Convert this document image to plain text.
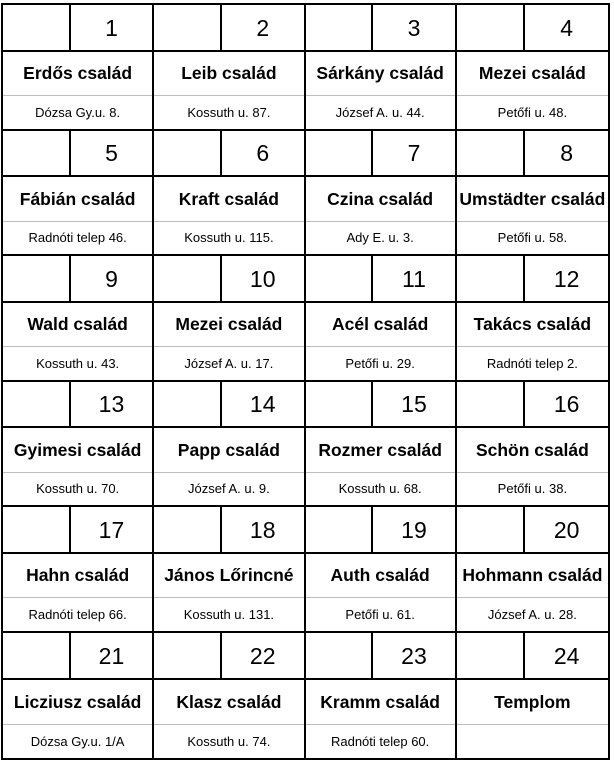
1
Erdős család
Dózsa Gy.u. 8.
2
Leib család
Kossuth u. 87.
3
Sárkány család
József A. u. 44.
4
Mezei család
Petőfi u. 48.
5
Fábián család
Radnóti telep 46.
6
Kraft család
Kossuth u. 115.
7
Czina család
Ady E. u. 3.
8
Umstädter család
Petőfi u. 58.
9
Wald család
Kossuth u. 43.
10
Mezei család
József A. u. 17.
11
Acél család
Petőfi u. 29.
12
Takács család
Radnóti telep 2.
13
Gyimesi család
Kossuth u. 70.
14
Papp család
József A. u. 9.
15
Rozmer család
Kossuth u. 68.
16
Schön család
Petőfi u. 38.
17
Hahn család
Radnóti telep 66.
18
János Lőrincné
Kossuth u. 131.
19
Auth család
Petőfi u. 61.
20
Hohmann család
József A. u. 28.
21
Licziusz család
Dózsa Gy.u. 1/A
22
Klasz család
Kossuth u. 74.
23
Kramm család
Radnóti telep 60.
24
Templom
